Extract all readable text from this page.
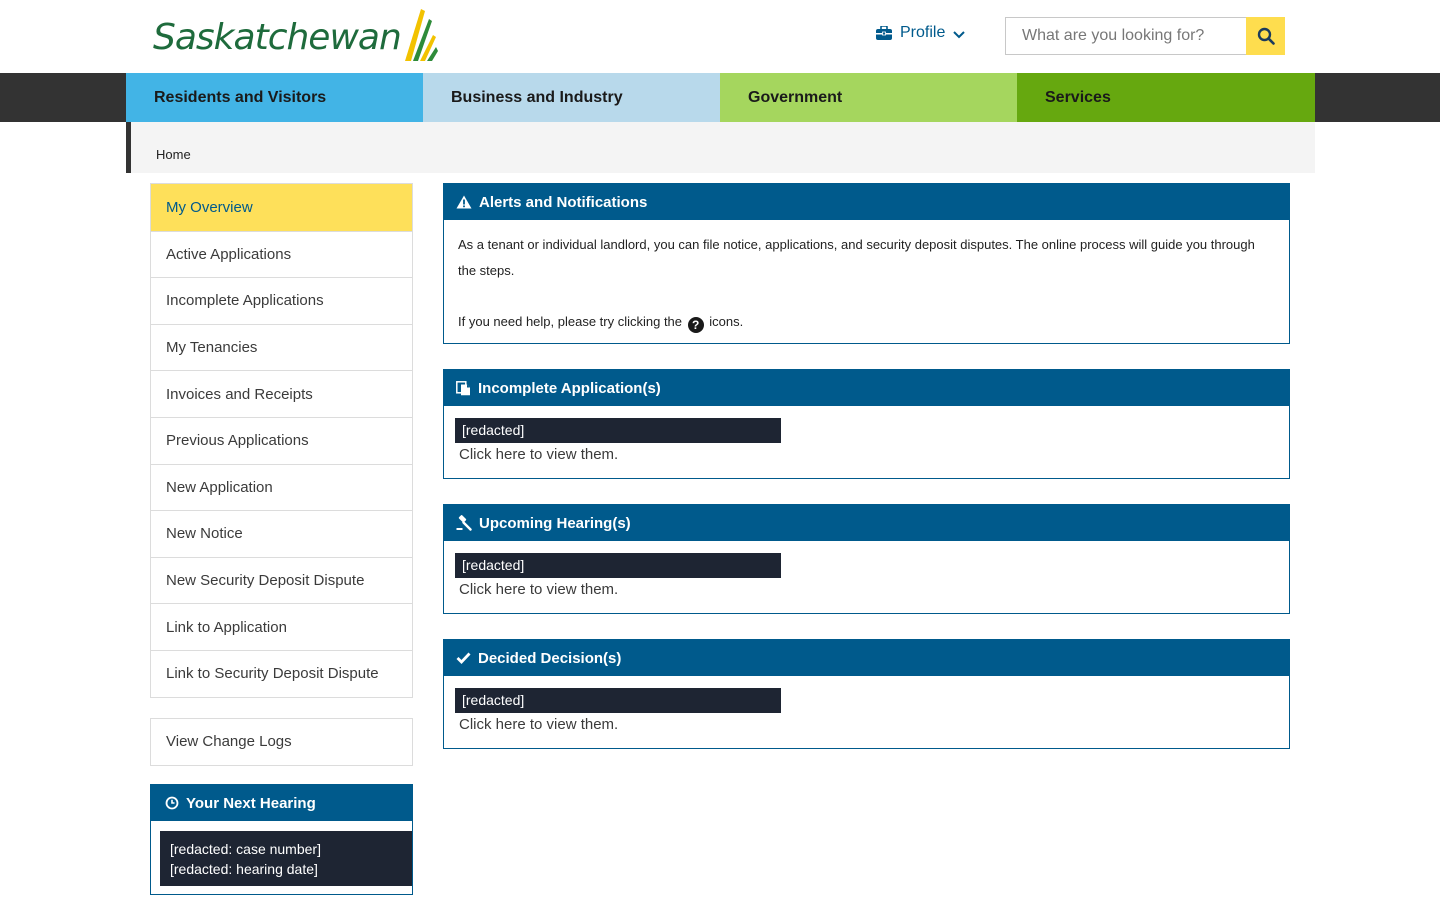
Saskatchewan	Profile
What are you looking for?
Residents and Visitors	Business and Industry	Government	Services
Home
My Overview
Active Applications
Incomplete Applications
My Tenancies
Invoices and Receipts
Previous Applications
New Application
New Notice
New Security Deposit Dispute
Link to Application
Link to Security Deposit Dispute
View Change Logs
Your Next Hearing
[redacted: case number]
[redacted: hearing date]
Alerts and Notifications

As a tenant or individual landlord, you can file notice, applications, and security deposit disputes. The online process will guide you through the steps.

If you need help, please try clicking the ? icons.

Incomplete Application(s)
[redacted]
Click here to view them.
Upcoming Hearing(s)
[redacted]
Click here to view them.
Decided Decision(s)
[redacted]
Click here to view them.
